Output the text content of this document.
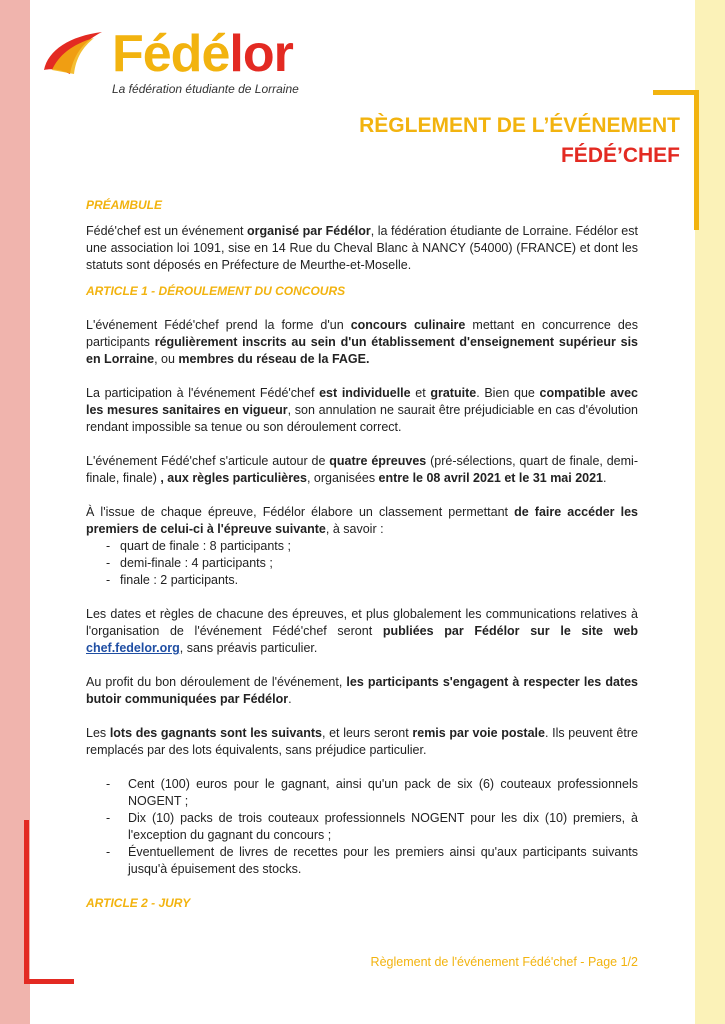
Fédélor
La fédération étudiante de Lorraine
RÈGLEMENT DE L’ÉVÉNEMENT
FÉDÉ’CHEF

PRÉAMBULE

Fédé'chef est un événement organisé par Fédélor, la fédération étudiante de Lorraine. Fédélor est une association loi 1091, sise en 14 Rue du Cheval Blanc à NANCY (54000) (FRANCE) et dont les statuts sont déposés en Préfecture de Meurthe-et-Moselle.

ARTICLE 1 - DÉROULEMENT DU CONCOURS

L'événement Fédé'chef prend la forme d'un concours culinaire mettant en concurrence des participants régulièrement inscrits au sein d'un établissement d'enseignement supérieur sis en Lorraine, ou membres du réseau de la FAGE.

La participation à l'événement Fédé'chef est individuelle et gratuite. Bien que compatible avec les mesures sanitaires en vigueur, son annulation ne saurait être préjudiciable en cas d'évolution rendant impossible sa tenue ou son déroulement correct.

L'événement Fédé'chef s'articule autour de quatre épreuves (pré-sélections, quart de finale, demi-finale, finale) , aux règles particulières, organisées entre le 08 avril 2021 et le 31 mai 2021.

À l'issue de chaque épreuve, Fédélor élabore un classement permettant de faire accéder les premiers de celui-ci à l'épreuve suivante, à savoir :

- quart de finale : 8 participants ;
- demi-finale : 4 participants ;
- finale : 2 participants.

Les dates et règles de chacune des épreuves, et plus globalement les communications relatives à l'organisation de l'événement Fédé'chef seront publiées par Fédélor sur le site web chef.fedelor.org, sans préavis particulier.

Au profit du bon déroulement de l'événement, les participants s'engagent à respecter les dates butoir communiquées par Fédélor.

Les lots des gagnants sont les suivants, et leurs seront remis par voie postale. Ils peuvent être remplacés par des lots équivalents, sans préjudice particulier.

- Cent (100) euros pour le gagnant, ainsi qu'un pack de six (6) couteaux professionnels NOGENT ;
- Dix (10) packs de trois couteaux professionnels NOGENT pour les dix (10) premiers, à l'exception du gagnant du concours ;
- Éventuellement de livres de recettes pour les premiers ainsi qu'aux participants suivants jusqu'à épuisement des stocks.

ARTICLE 2 - JURY

Règlement de l'événement Fédé'chef - Page 1/2
